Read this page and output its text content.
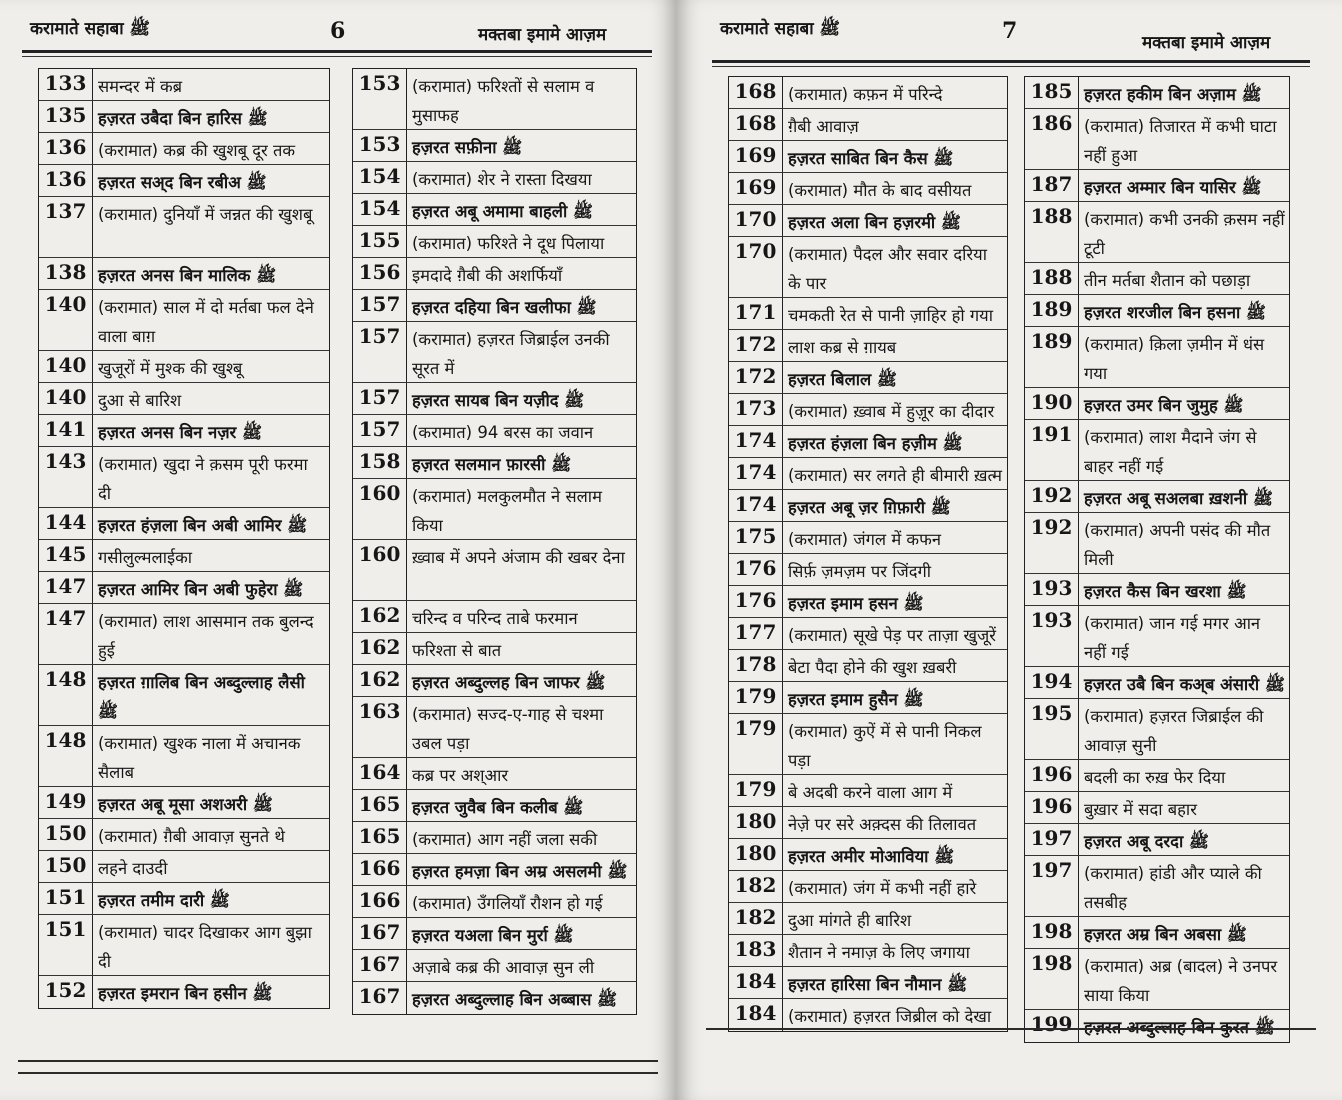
करामाते सहाबा ﷺ	6	मक्तबा इमामे आज़म
133 समन्दर में कब्र
135 हज़रत उबैदा बिन हारिस ﷺ
136 (करामात) कब्र की खुशबू दूर तक
136 हज़रत सअ्द बिन रबीअ ﷺ
137 (करामात) दुनियाँ में जन्नत की खुशबू
138 हज़रत अनस बिन मालिक ﷺ
140 (करामात) साल में दो मर्तबा फल देने वाला बाग़
140 खुजूरों में मुश्क की खुश्बू
140 दुआ से बारिश
141 हज़रत अनस बिन नज़र ﷺ
143 (करामात) खुदा ने क़सम पूरी फरमा दी
144 हज़रत हंज़ला बिन अबी आमिर ﷺ
145 गसीलुल्मलाईका
147 हज़रत आमिर बिन अबी फुहेरा ﷺ
147 (करामात) लाश आसमान तक बुलन्द हुई
148 हज़रत ग़ालिब बिन अब्दुल्लाह लैसी ﷺ
148 (करामात) खुश्क नाला में अचानक सैलाब
149 हज़रत अबू मूसा अशअरी ﷺ
150 (करामात) ग़ैबी आवाज़ सुनते थे
150 लहने दाउदी
151 हज़रत तमीम दारी ﷺ
151 (करामात) चादर दिखाकर आग बुझा दी
152 हज़रत इमरान बिन हसीन ﷺ
153 (करामात) फरिश्तों से सलाम व मुसाफह
153 हज़रत सफ़ीना ﷺ
154 (करामात) शेर ने रास्ता दिखया
154 हज़रत अबू अमामा बाहली ﷺ
155 (करामात) फरिश्ते ने दूध पिलाया
156 इमदादे ग़ैबी की अशर्फियाँ
157 हज़रत दहिया बिन खलीफा ﷺ
157 (करामात) हज़रत जिब्राईल उनकी सूरत में
157 हज़रत सायब बिन यज़ीद ﷺ
157 (करामात) 94 बरस का जवान
158 हज़रत सलमान फ़ारसी ﷺ
160 (करामात) मलकुलमौत ने सलाम किया
160 ख़्वाब में अपने अंजाम की खबर देना
162 चरिन्द व परिन्द ताबे फरमान
162 फरिश्ता से बात
162 हज़रत अब्दुल्लह बिन जाफर ﷺ
163 (करामात) सज्द-ए-गाह से चश्मा उबल पड़ा
164 कब्र पर अश्आर
165 हज़रत जुवैब बिन कलीब ﷺ
165 (करामात) आग नहीं जला सकी
166 हज़रत हमज़ा बिन अम्र असलमी ﷺ
166 (करामात) उँगलियाँ रौशन हो गई
167 हज़रत यअला बिन मुर्रा ﷺ
167 अज़ाबे कब्र की आवाज़ सुन ली
167 हज़रत अब्दुल्लाह बिन अब्बास ﷺ
करामाते सहाबा ﷺ	7	मक्तबा इमामे आज़म
168 (करामात) कफ़न में परिन्दे
168 ग़ैबी आवाज़
169 हज़रत साबित बिन कैस ﷺ
169 (करामात) मौत के बाद वसीयत
170 हज़रत अला बिन हज़रमी ﷺ
170 (करामात) पैदल और सवार दरिया के पार
171 चमकती रेत से पानी ज़ाहिर हो गया
172 लाश कब्र से ग़ायब
172 हज़रत बिलाल ﷺ
173 (करामात) ख़्वाब में हुज़ूर का दीदार
174 हज़रत हंज़ला बिन हज़ीम ﷺ
174 (करामात) सर लगते ही बीमारी ख़त्म
174 हज़रत अबू ज़र ग़िफ़ारी ﷺ
175 (करामात) जंगल में कफन
176 सिर्फ़ ज़मज़म पर जिंदगी
176 हज़रत इमाम हसन ﷺ
177 (करामात) सूखे पेड़ पर ताज़ा खुजूरें
178 बेटा पैदा होने की खुश ख़बरी
179 हज़रत इमाम हुसैन ﷺ
179 (करामात) कुऐं में से पानी निकल पड़ा
179 बे अदबी करने वाला आग में
180 नेज़े पर सरे अक़्दस की तिलावत
180 हज़रत अमीर मोआविया ﷺ
182 (करामात) जंग में कभी नहीं हारे
182 दुआ मांगते ही बारिश
183 शैतान ने नमाज़ के लिए जगाया
184 हज़रत हारिसा बिन नौमान ﷺ
184 (करामात) हज़रत जिब्रील को देखा
185 हज़रत हकीम बिन अज़ाम ﷺ
186 (करामात) तिजारत में कभी घाटा नहीं हुआ
187 हज़रत अम्मार बिन यासिर ﷺ
188 (करामात) कभी उनकी क़सम नहीं टूटी
188 तीन मर्तबा शैतान को पछाड़ा
189 हज़रत शरजील बिन हसना ﷺ
189 (करामात) क़िला ज़मीन में धंस गया
190 हज़रत उमर बिन जुमुह ﷺ
191 (करामात) लाश मैदाने जंग से बाहर नहीं गई
192 हज़रत अबू सअलबा ख़शनी ﷺ
192 (करामात) अपनी पसंद की मौत मिली
193 हज़रत कैस बिन खरशा ﷺ
193 (करामात) जान गई मगर आन नहीं गई
194 हज़रत उबै बिन कअ्ब अंसारी ﷺ
195 (करामात) हज़रत जिब्राईल की आवाज़ सुनी
196 बदली का रुख़ फेर दिया
196 बुख़ार में सदा बहार
197 हज़रत अबू दरदा ﷺ
197 (करामात) हांडी और प्याले की तसबीह
198 हज़रत अम्र बिन अबसा ﷺ
198 (करामात) अब्र (बादल) ने उनपर साया किया
199 हज़रत अब्दुल्लाह बिन कुरत ﷺ
